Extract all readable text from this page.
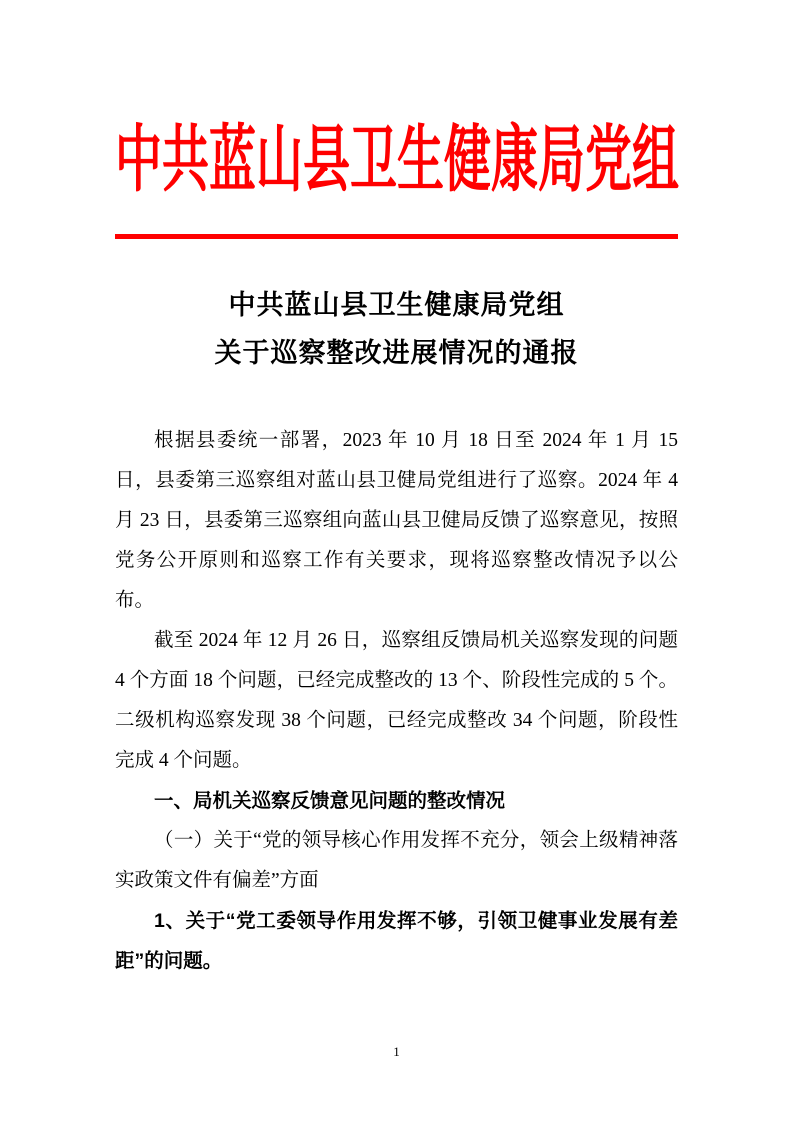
中共蓝山县卫生健康局党组
中共蓝山县卫生健康局党组
关于巡察整改进展情况的通报

根据县委统一部署，2023 年 10 月 18 日至 2024 年 1 月 15 日，县委第三巡察组对蓝山县卫健局党组进行了巡察。2024 年 4 月 23 日，县委第三巡察组向蓝山县卫健局反馈了巡察意见，按照党务公开原则和巡察工作有关要求，现将巡察整改情况予以公布。

截至 2024 年 12 月 26 日，巡察组反馈局机关巡察发现的问题 4 个方面 18 个问题，已经完成整改的 13 个、阶段性完成的 5 个。二级机构巡察发现 38 个问题，已经完成整改 34 个问题，阶段性完成 4 个问题。

一、局机关巡察反馈意见问题的整改情况

（一）关于“党的领导核心作用发挥不充分，领会上级精神落实政策文件有偏差”方面

1、关于“党工委领导作用发挥不够，引领卫健事业发展有差距”的问题。

1
